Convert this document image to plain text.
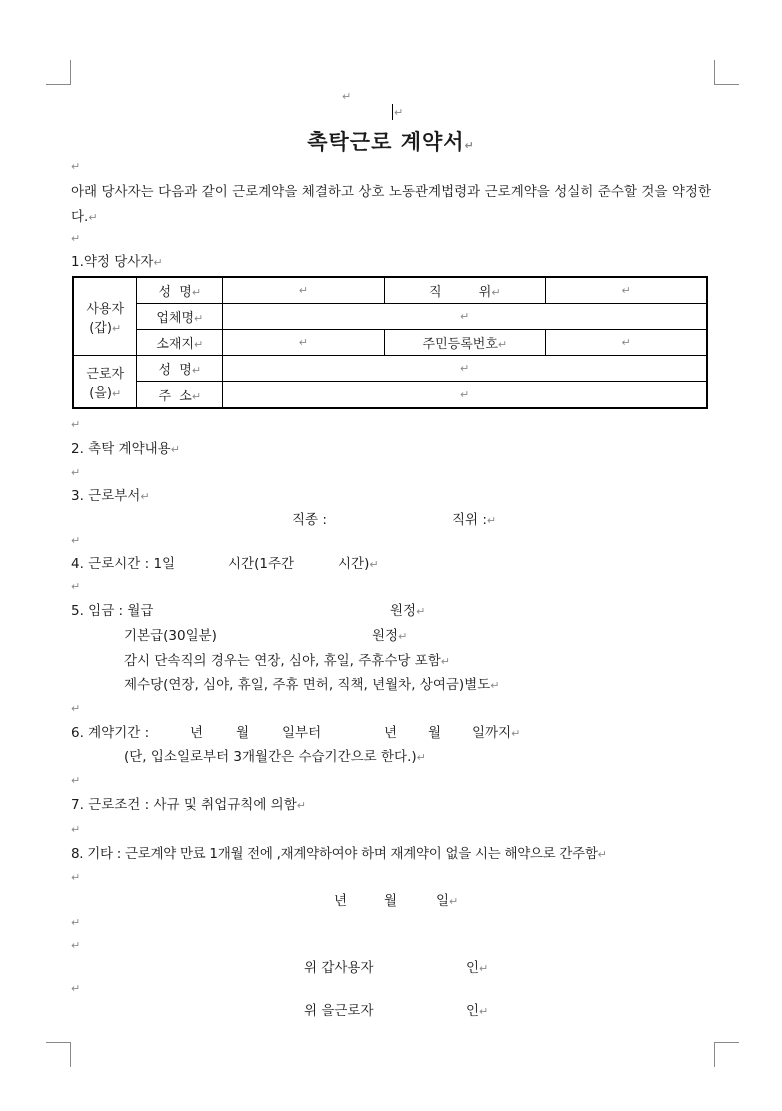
↵
↵
촉탁근로 계약서 ↵
↵
아래 당사자는 다음과 같이 근로계약을 체결하고 상호 노동관계법령과 근로계약을 성실히 준수할 것을 약정한다. ↵
↵
1.약정 당사자 ↵
사용자(갑) ↵	성  명 ↵	↵	직         위 ↵	↵
	업체명 ↵	↵
	소재지 ↵	↵	주민등록번호 ↵	↵
근로자(을) ↵	성  명 ↵	↵
	주  소 ↵	↵
↵
2. 촉탁 계약내용 ↵
↵
3. 근로부서 ↵
직종 :	직위 : ↵
↵
4. 근로시간 : 1일	시간(1주간	시간) ↵
↵
5. 임금 : 월급	원정 ↵
기본급(30일분)	원정 ↵
감시 단속직의 경우는 연장, 심야, 휴일, 주휴수당 포함 ↵
제수당(연장, 심야, 휴일, 주휴 면허, 직책, 년월차, 상여금)별도 ↵
↵
6. 계약기간 :	년 월 일부터	년 월 일까지 ↵
(단, 입소일로부터 3개월간은 수습기간으로 한다.) ↵
↵
7. 근로조건 : 사규 및 취업규칙에 의함 ↵
↵
8. 기타 : 근로계약 만료 1개월 전에 ,재계약하여야 하며 재계약이 없을 시는 해약으로 간주함 ↵
↵
년	월	일 ↵
↵
↵
위 갑사용자	인 ↵
↵
위 을근로자	인 ↵
